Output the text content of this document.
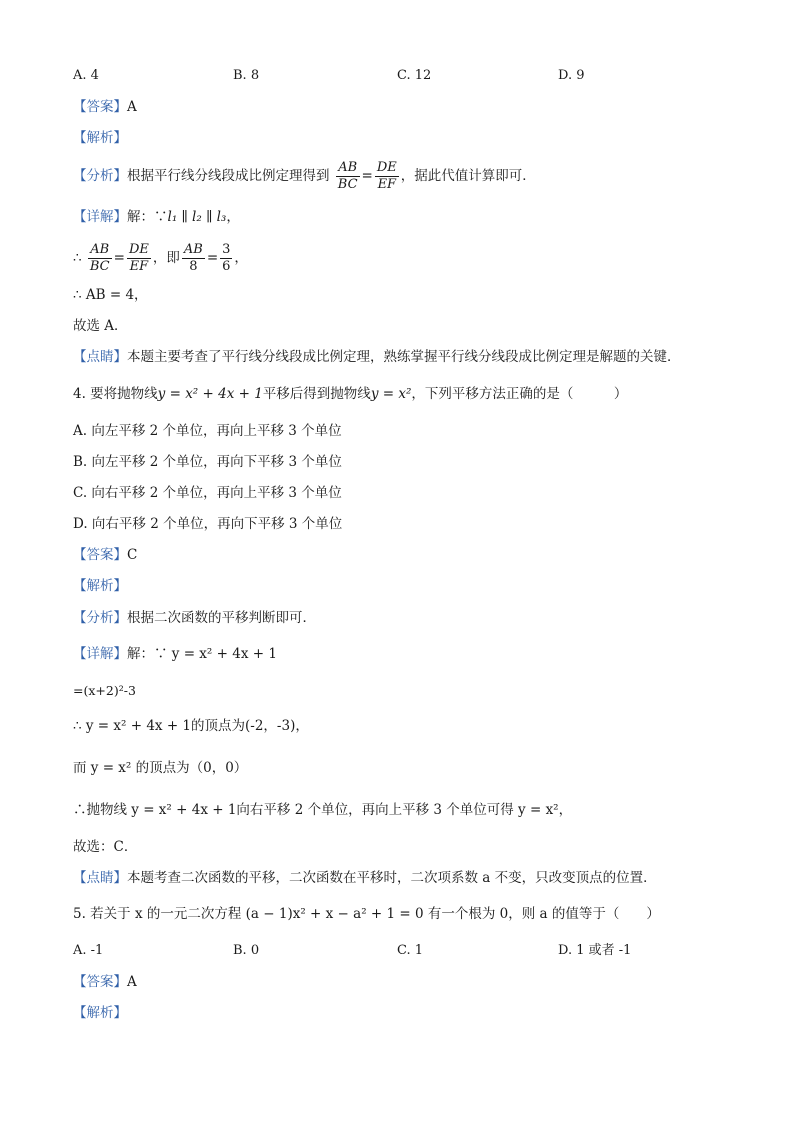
A. 4	B. 8	C. 12	D. 9
【答案】A
【解析】
【分析】根据平行线分线段成比例定理得到 $\frac{AB}{BC} = \frac{DE}{EF}$ ，据此代值计算即可．
【详解】解：∵l₁ ∥ l₂ ∥ l₃，
∴ $\frac{AB}{BC} = \frac{DE}{EF}$ ，即 $\frac{AB}{8} = \frac{3}{6}$ ，
∴ AB = 4，
故选 A．
【点睛】本题主要考查了平行线分线段成比例定理，熟练掌握平行线分线段成比例定理是解题的关键．
4. 要将抛物线y = x² + 4x + 1平移后得到抛物线y = x²，下列平移方法正确的是（　　　）
A. 向左平移 2 个单位，再向上平移 3 个单位
B. 向左平移 2 个单位，再向下平移 3 个单位
C. 向右平移 2 个单位，再向上平移 3 个单位
D. 向右平移 2 个单位，再向下平移 3 个单位
【答案】C
【解析】
【分析】根据二次函数的平移判断即可．
【详解】解：∵ y = x² + 4x + 1
=(x+2)²-3
∴ y = x² + 4x + 1的顶点为(-2，-3)，
而 y = x² 的顶点为（0，0）
∴抛物线 y = x² + 4x + 1向右平移 2 个单位，再向上平移 3 个单位可得 y = x²，
故选：C．
【点睛】本题考查二次函数的平移，二次函数在平移时，二次项系数 a 不变，只改变顶点的位置．
5. 若关于 x 的一元二次方程 (a − 1)x² + x − a² + 1 = 0 有一个根为 0，则 a 的值等于（　　）
A. -1	B. 0	C. 1	D. 1 或者 -1
【答案】A
【解析】
